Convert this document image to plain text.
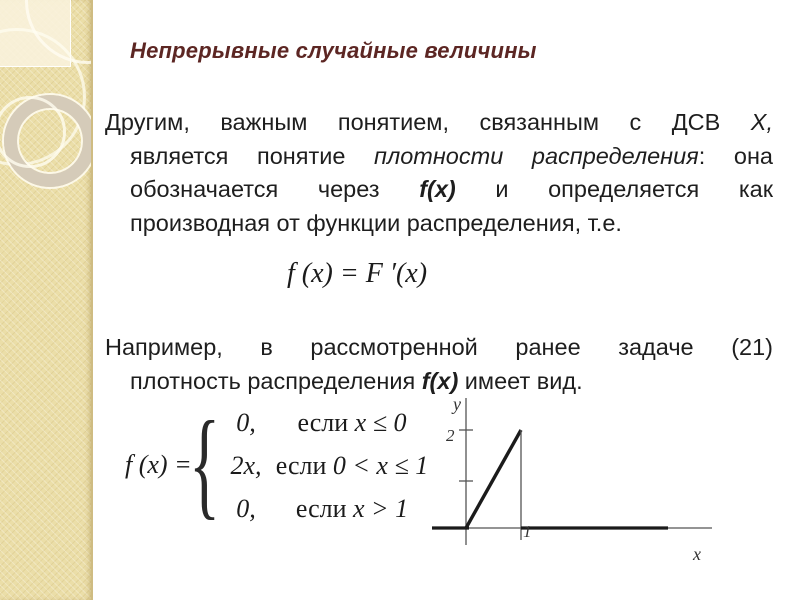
Непрерывные случайные величины
Другим, важным понятием, связанным с ДСВ X,
является понятие плотности распределения: она
обозначается через f(x) и определяется как
производная от функции распределения, т.е.
f (x) = F ′(x)
Например, в рассмотренной ранее задаче (21)
плотность распределения f(x) имеет вид.
f (x) =
{ 0,	если x ≤ 0
2x, если 0 < x ≤ 1
0,	если x > 1
y
2
1
x
